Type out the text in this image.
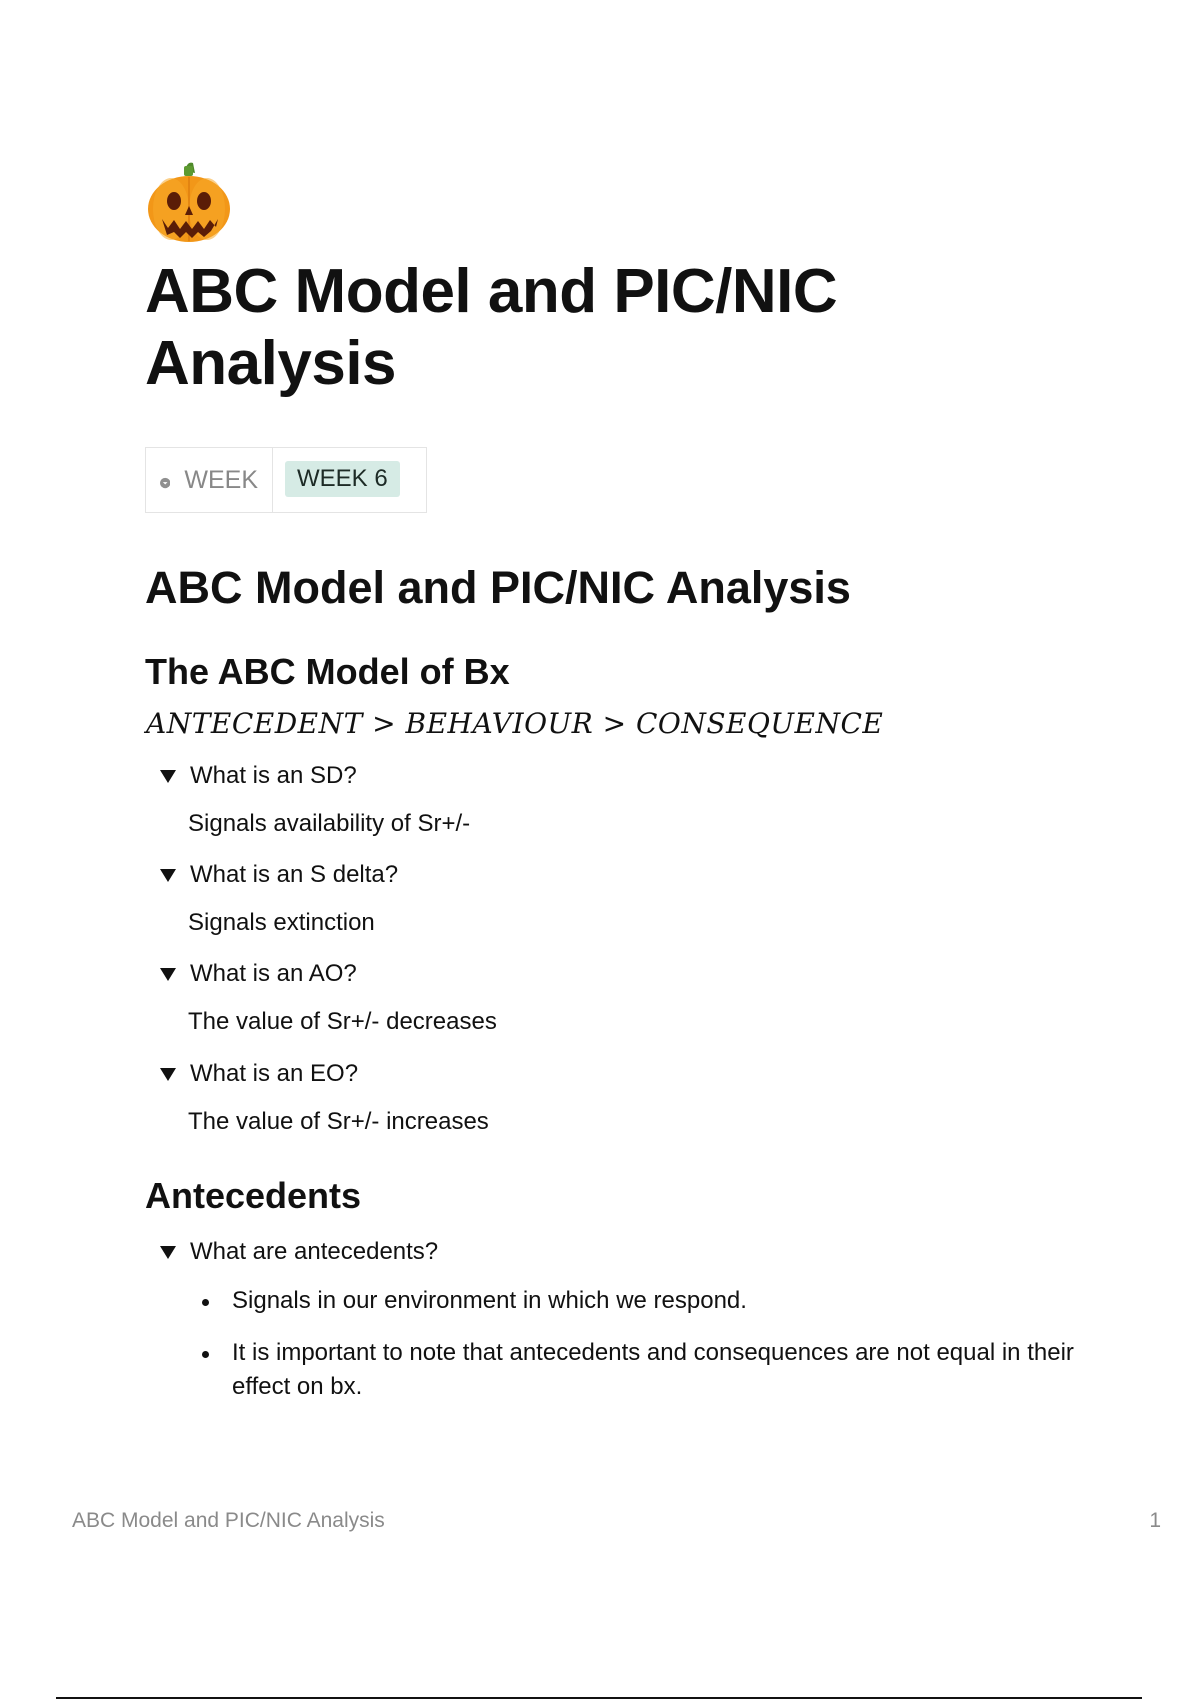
ABC Model and PIC/NIC Analysis
WEEK	WEEK 6
ABC Model and PIC/NIC Analysis
The ABC Model of Bx
ANTECEDENT > BEHAVIOUR > CONSEQUENCE
What is an SD?
Signals availability of Sr+/-
What is an S delta?
Signals extinction
What is an AO?
The value of Sr+/- decreases
What is an EO?
The value of Sr+/- increases
Antecedents
What are antecedents?
Signals in our environment in which we respond.
It is important to note that antecedents and consequences are not equal in their effect on bx.
ABC Model and PIC/NIC Analysis	1
